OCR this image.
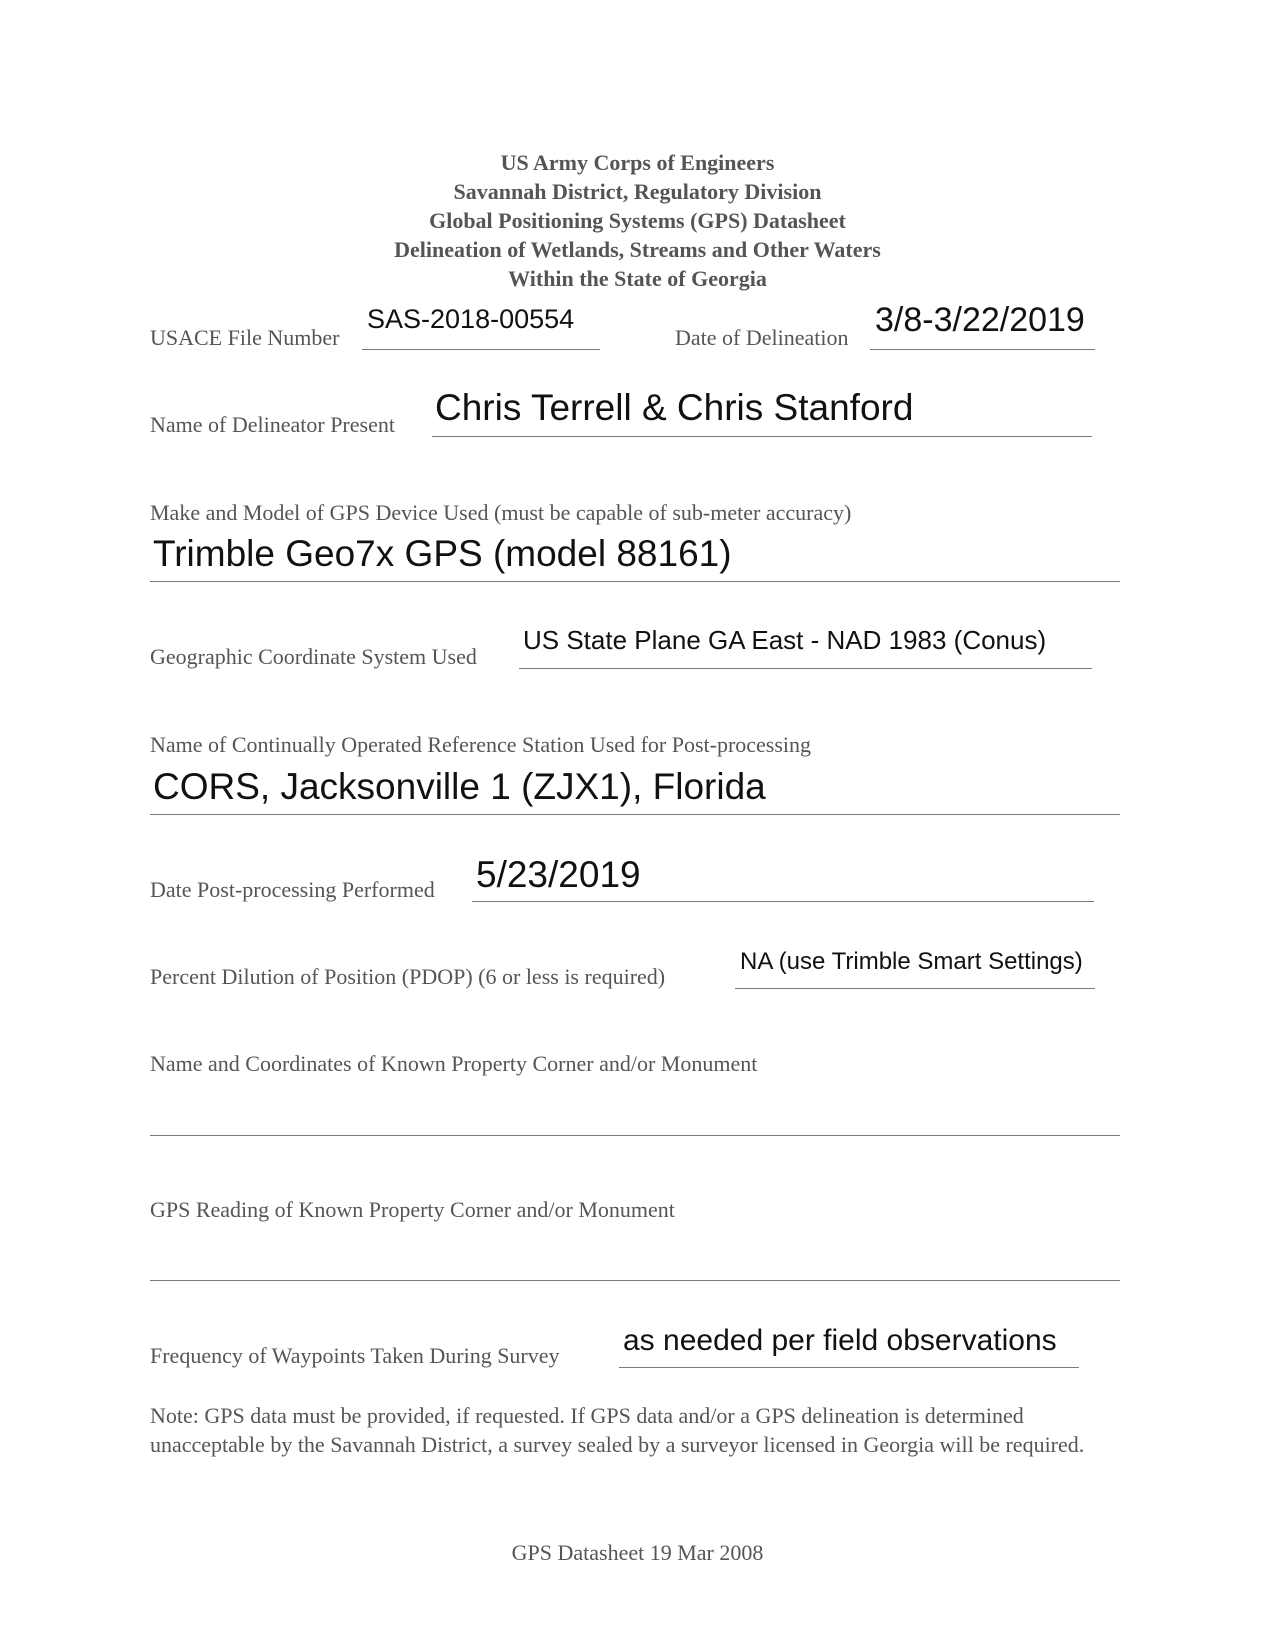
US Army Corps of Engineers
Savannah District, Regulatory Division
Global Positioning Systems (GPS) Datasheet
Delineation of Wetlands, Streams and Other Waters
Within the State of Georgia
USACE File Number
SAS-2018-00554
Date of Delineation 3/8-3/22/2019
Name of Delineator Present Chris Terrell & Chris Stanford
Make and Model of GPS Device Used (must be capable of sub-meter accuracy)
Trimble Geo7x GPS (model 88161)
Geographic Coordinate System Used
US State Plane GA East - NAD 1983 (Conus)
Name of Continually Operated Reference Station Used for Post-processing
CORS, Jacksonville 1 (ZJX1), Florida
Date Post-processing Performed 5/23/2019
Percent Dilution of Position (PDOP) (6 or less is required)
NA (use Trimble Smart Settings)
Name and Coordinates of Known Property Corner and/or Monument
GPS Reading of Known Property Corner and/or Monument
Frequency of Waypoints Taken During Survey as needed per field observations
Note: GPS data must be provided, if requested. If GPS data and/or a GPS delineation is determined unacceptable by the Savannah District, a survey sealed by a surveyor licensed in Georgia will be required.
GPS Datasheet 19 Mar 2008
